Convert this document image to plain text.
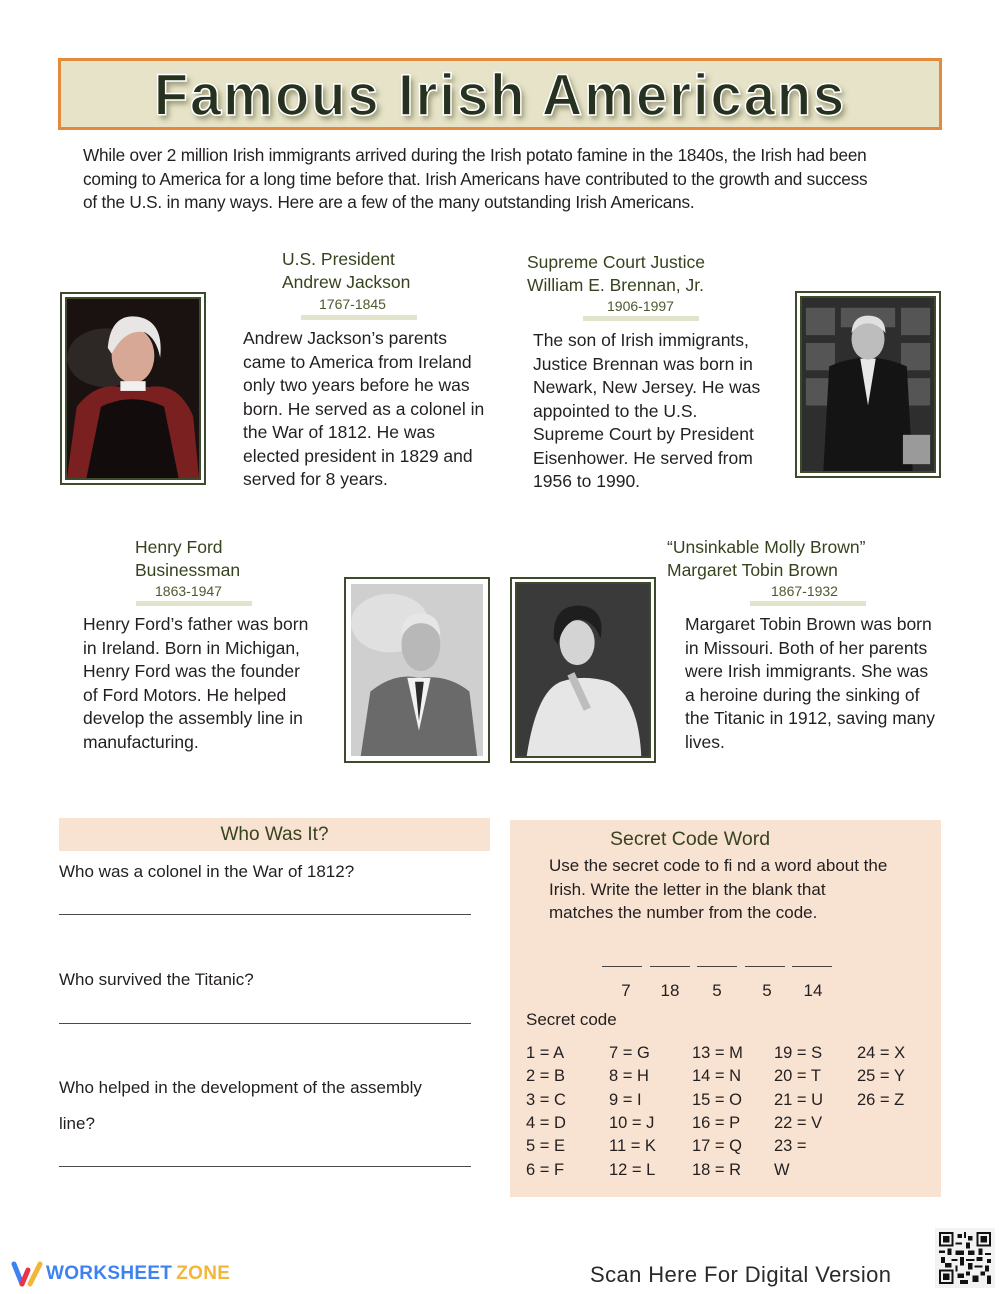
Famous Irish Americans
While over 2 million Irish immigrants arrived during the Irish potato famine in the 1840s, the Irish had been coming to America for a long time before that. Irish Americans have contributed to the growth and success of the U.S. in many ways. Here are a few of the many outstanding Irish Americans.
U.S. President
Andrew Jackson
1767-1845
Andrew Jackson’s parents came to America from Ireland only two years before he was born. He served as a colonel in the War of 1812. He was elected president in 1829 and served for 8 years.
Supreme Court Justice
William E. Brennan, Jr.
1906-1997
The son of Irish immigrants, Justice Brennan was born in Newark, New Jersey. He was appointed to the U.S. Supreme Court by President Eisenhower. He served from 1956 to 1990.
Henry Ford
Businessman
1863-1947
Henry Ford’s father was born in Ireland. Born in Michigan, Henry Ford was the founder of Ford Motors. He helped develop the assembly line in manufacturing.
“Unsinkable Molly Brown”
Margaret Tobin Brown
1867-1932
Margaret Tobin Brown was born in Missouri. Both of her parents were Irish immigrants. She was a heroine during the sinking of the Titanic in 1912, saving many lives.
Who Was It?
Who was a colonel in the War of 1812?
Who survived the Titanic?
Who helped in the development of the assembly
line?
Secret Code Word
Use the secret code to fi nd a word about the Irish. Write the letter in the blank that matches the number from the code.
7	18	5	5	14
Secret code
1 = A
2 = B
3 = C
4 = D
5 = E
6 = F
7 = G
8 = H
9 = I
10 = J
11 = K
12 = L
13 = M
14 = N
15 = O
16 = P
17 = Q
18 = R
19 = S
20 = T
21 = U
22 = V
23 =
W
24 = X
25 = Y
26 = Z
WORKSHEET ZONE	Scan Here For Digital Version
